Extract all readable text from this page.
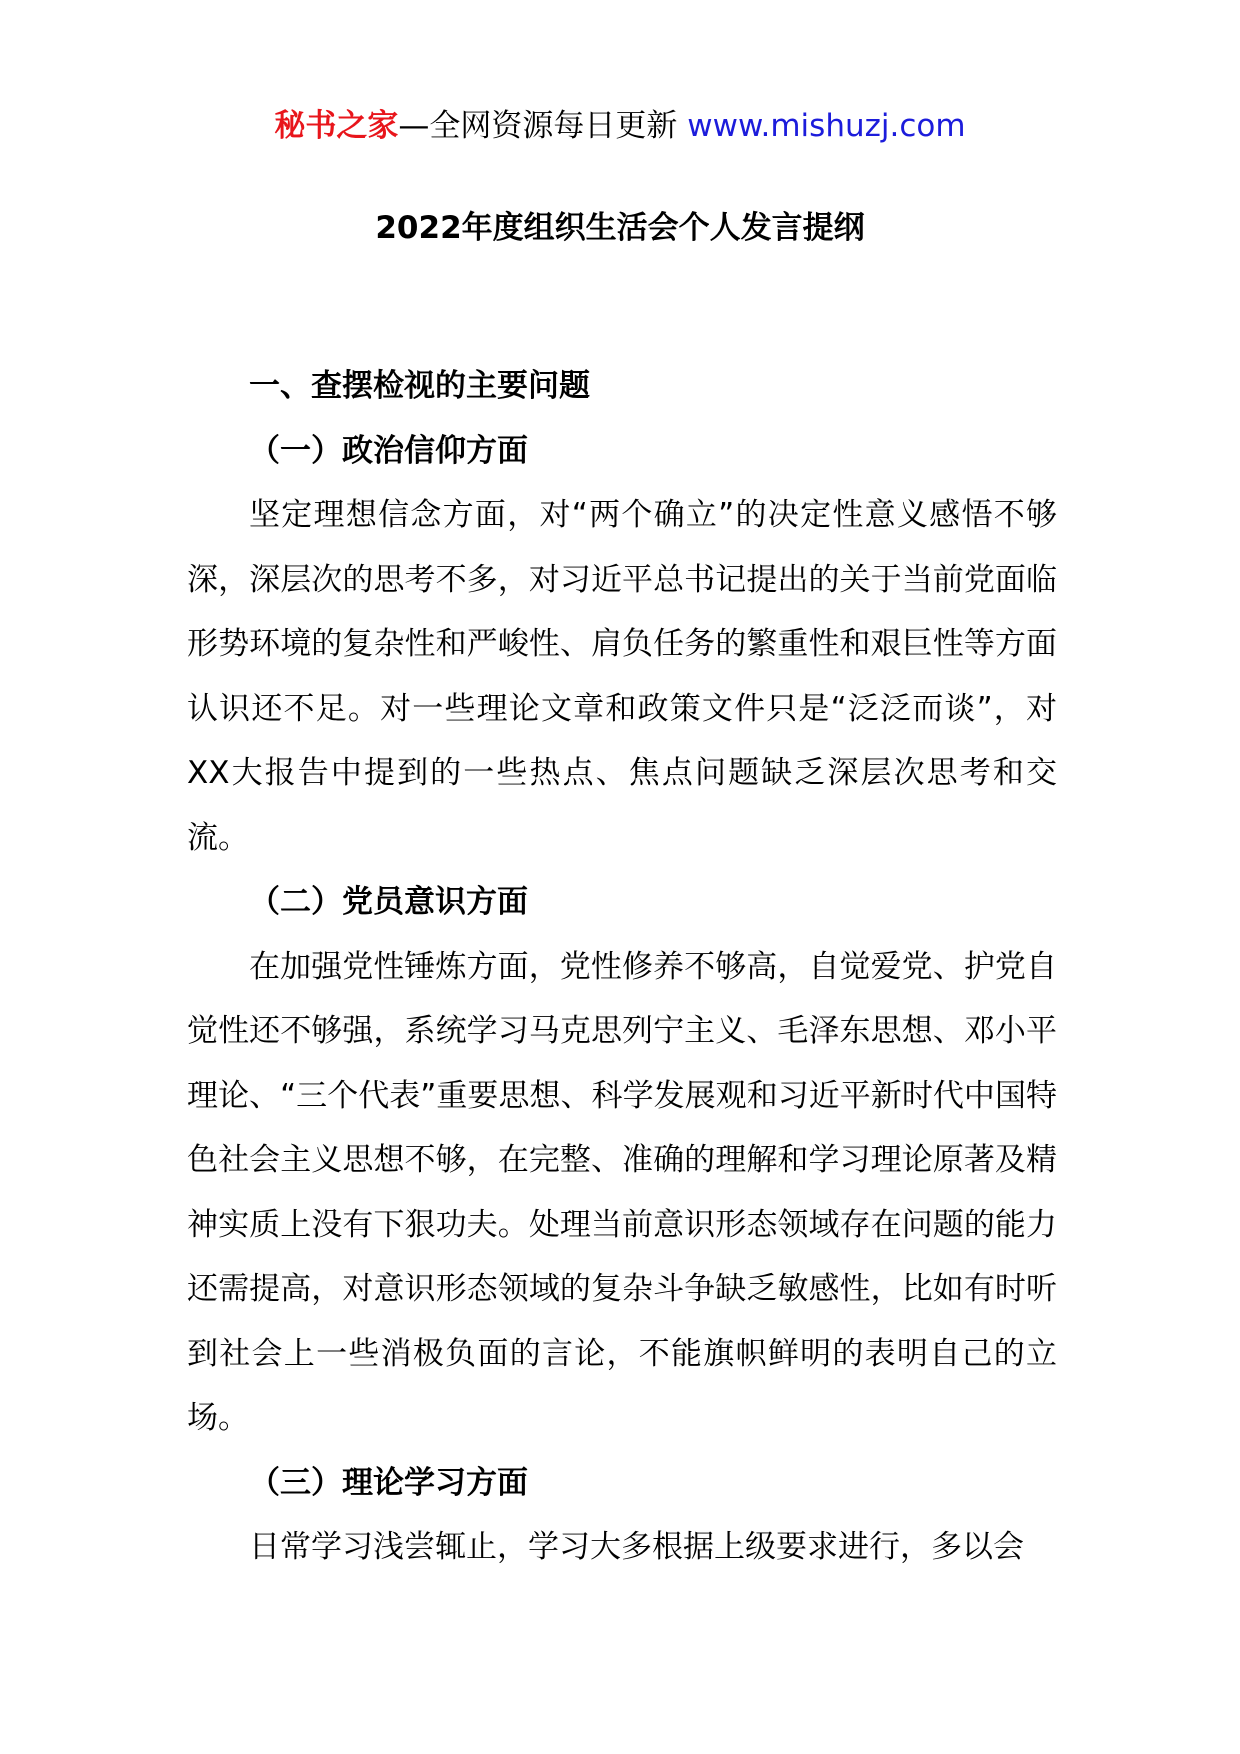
秘书之家—全网资源每日更新 www.mishuzj.com
2022年度组织生活会个人发言提纲
一、查摆检视的主要问题
（一）政治信仰方面
坚定理想信念方面，对“两个确立”的决定性意义感悟不够深，深层次的思考不多，对习近平总书记提出的关于当前党面临形势环境的复杂性和严峻性、肩负任务的繁重性和艰巨性等方面认识还不足。对一些理论文章和政策文件只是“泛泛而谈”，对XX大报告中提到的一些热点、焦点问题缺乏深层次思考和交流。
（二）党员意识方面
在加强党性锤炼方面，党性修养不够高，自觉爱党、护党自觉性还不够强，系统学习马克思列宁主义、毛泽东思想、邓小平理论、“三个代表”重要思想、科学发展观和习近平新时代中国特色社会主义思想不够，在完整、准确的理解和学习理论原著及精神实质上没有下狠功夫。处理当前意识形态领域存在问题的能力还需提高，对意识形态领域的复杂斗争缺乏敏感性，比如有时听到社会上一些消极负面的言论，不能旗帜鲜明的表明自己的立场。
（三）理论学习方面
日常学习浅尝辄止，学习大多根据上级要求进行，多以会
